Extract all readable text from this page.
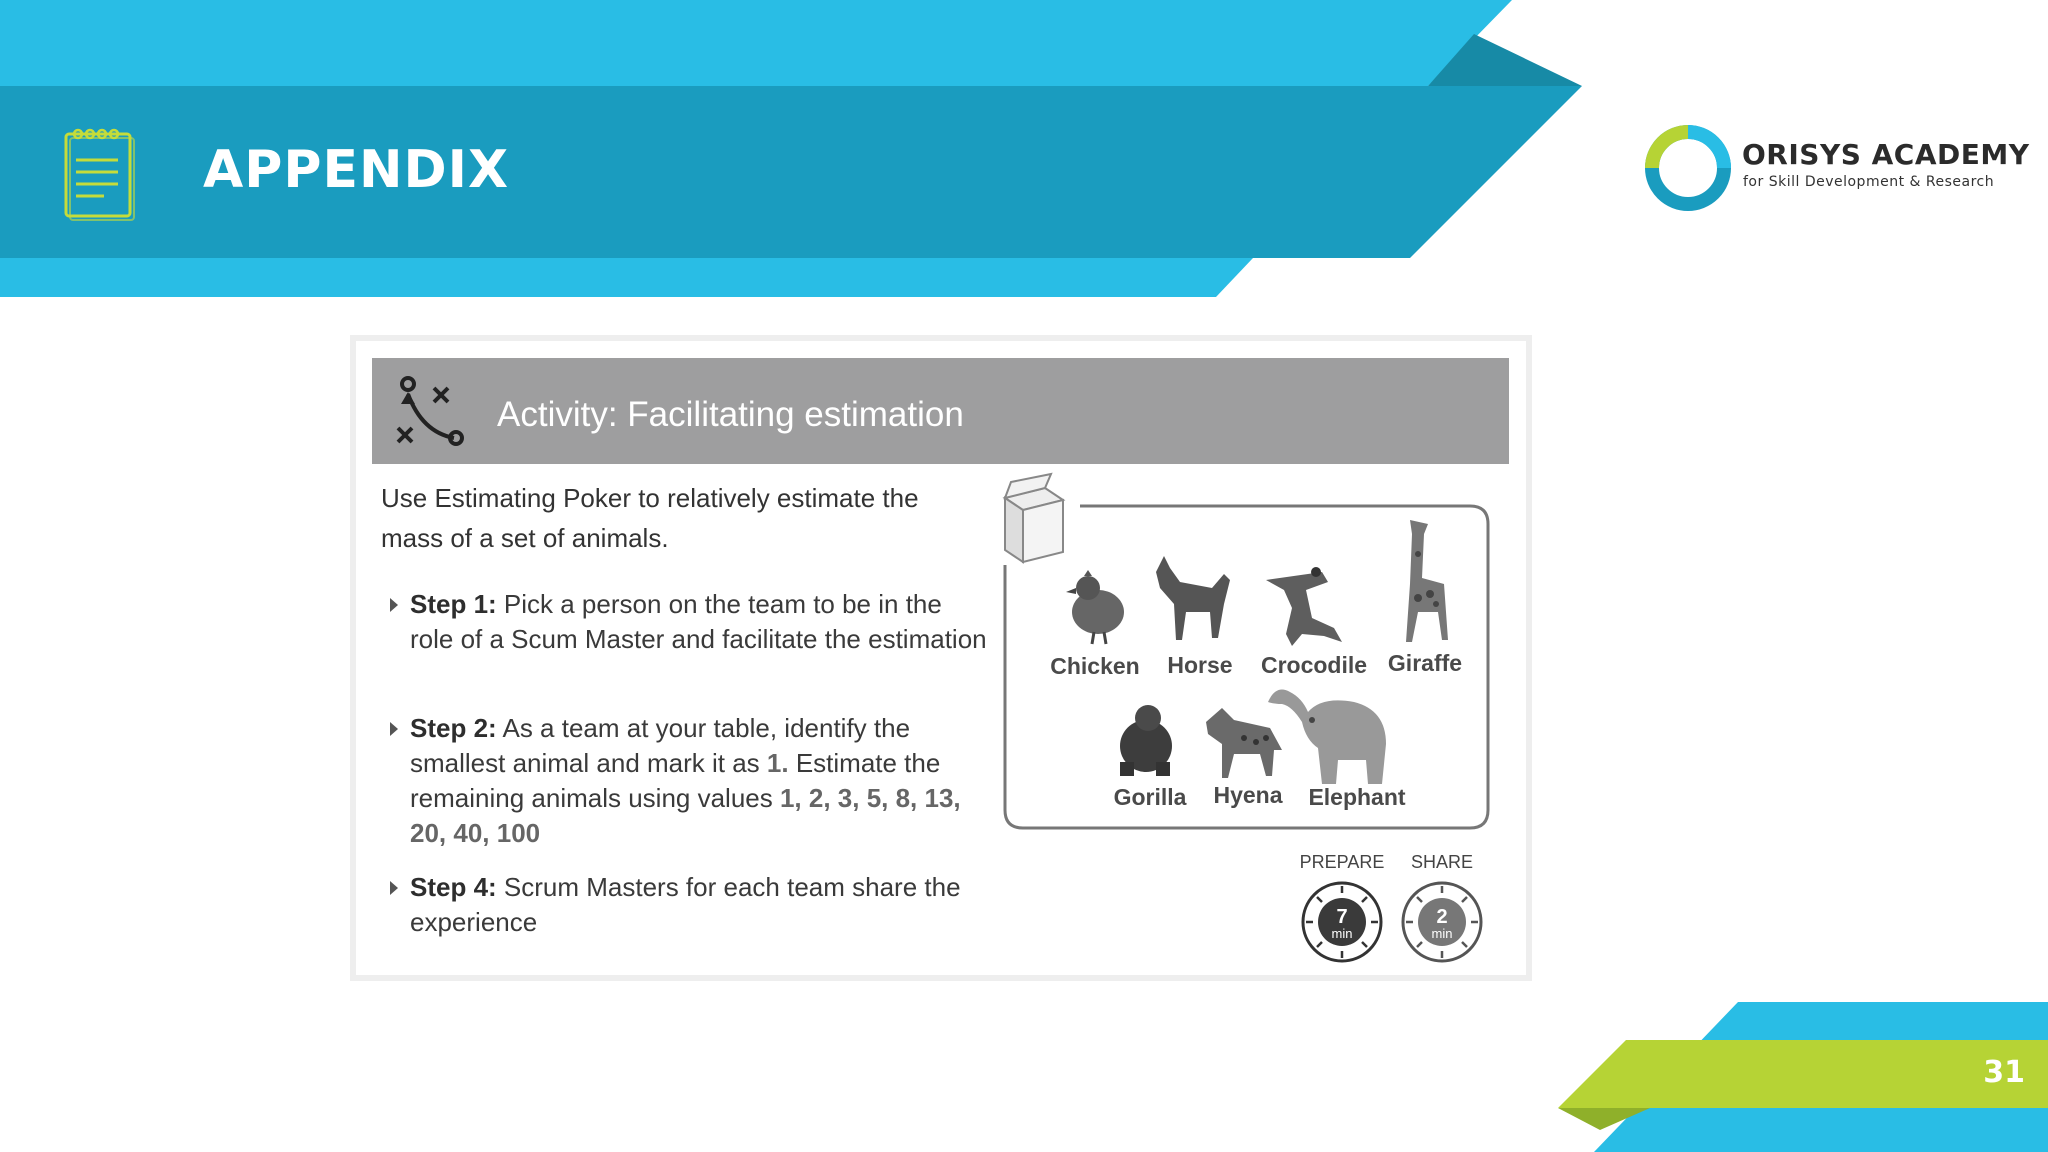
APPENDIX	ORISYS ACADEMY
for Skill Development & Research
Activity: Facilitating estimation
Use Estimating Poker to relatively estimate the mass of a set of animals.
Step 1: Pick a person on the team to be in the role of a Scum Master and facilitate the estimation
Step 2: As a team at your table, identify the smallest animal and mark it as 1. Estimate the remaining animals using values 1, 2, 3, 5, 8, 13, 20, 40, 100
Step 4: Scrum Masters for each team share the experience
Chicken	Horse	Crocodile Giraffe
Gorilla	Hyena	Elephant
PREPARE	SHARE
7
min
2
min
31
